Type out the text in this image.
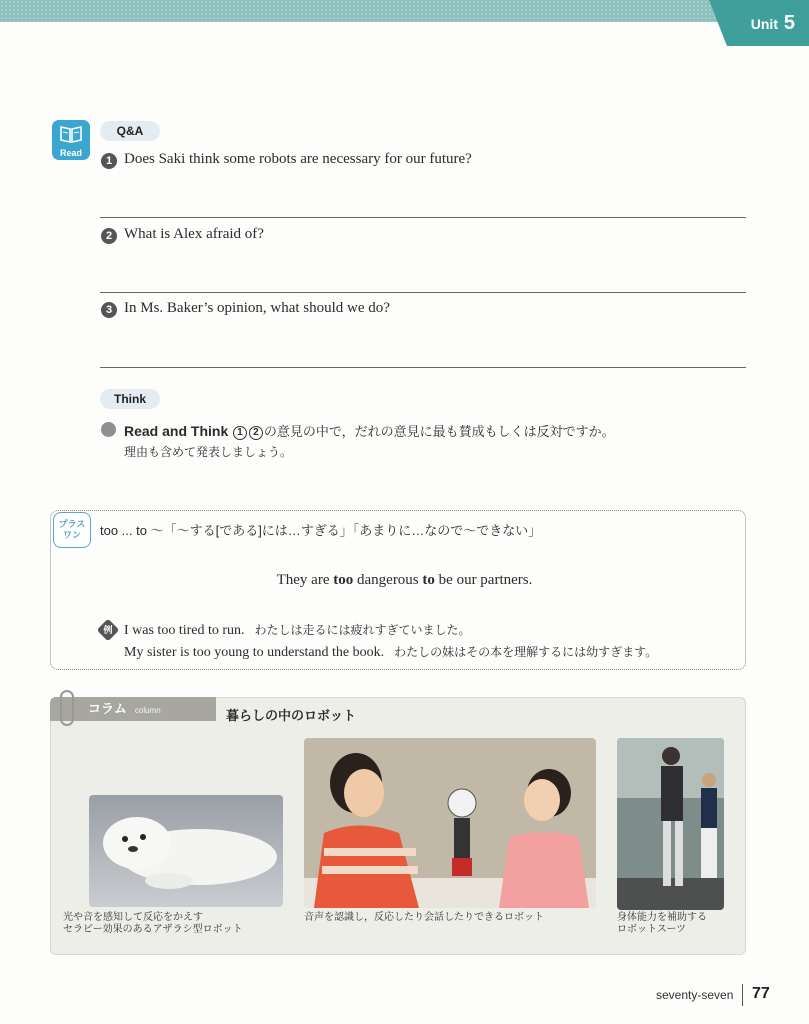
Unit 5
Read
Q&A
1 Does Saki think some robots are necessary for our future?
2 What is Alex afraid of?
3 In Ms. Baker’s opinion, what should we do?
Think
Read and Think 1 2 の意見の中で，だれの意見に最も賛成もしくは反対ですか。
理由も含めて発表しましょう。
プラス
ワン	too ... to 〜「〜する[である]には…すぎる」「あまりに…なので〜できない」
They are too dangerous to be our partners.
例 I was too tired to run. わたしは走るには疲れすぎていました。
My sister is too young to understand the book. わたしの妹はその本を理解するには幼すぎます。
コラム column	暮らしの中のロボット
光や音を感知して反応をかえす
セラピー効果のあるアザラシ型ロボット
音声を認識し，反応したり会話したりできるロボット	身体能力を補助する
ロボットスーツ
seventy-seven 77
